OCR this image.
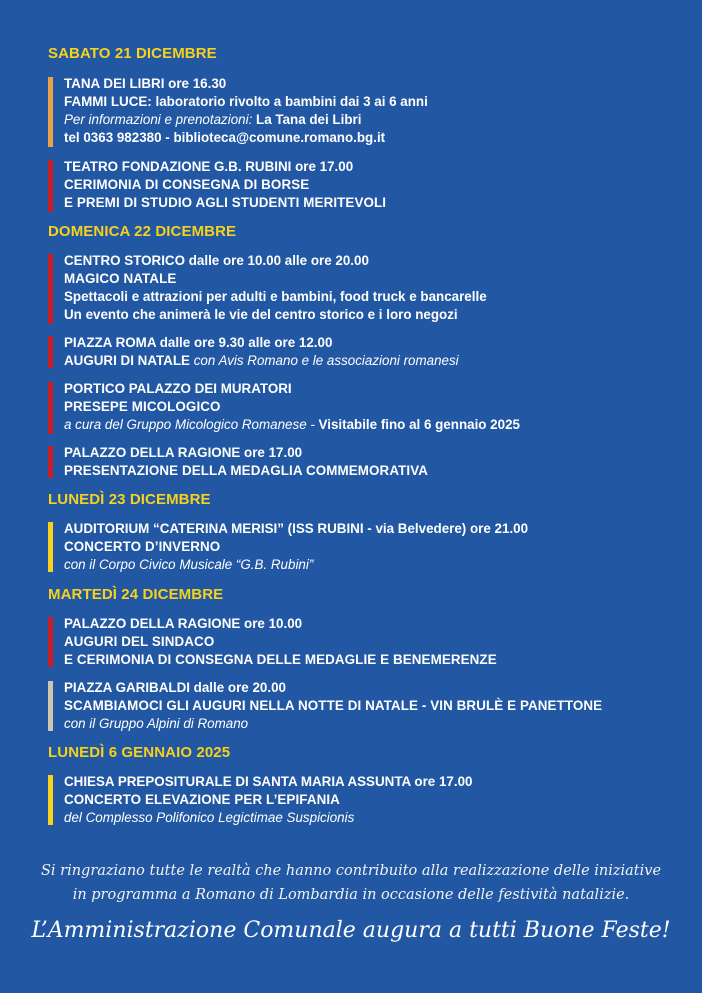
SABATO 21 DICEMBRE
TANA DEI LIBRI ore 16.30
FAMMI LUCE: laboratorio rivolto a bambini dai 3 ai 6 anni
Per informazioni e prenotazioni: La Tana dei Libri
tel 0363 982380 - biblioteca@comune.romano.bg.it
TEATRO FONDAZIONE G.B. RUBINI ore 17.00
CERIMONIA DI CONSEGNA DI BORSE
E PREMI DI STUDIO AGLI STUDENTI MERITEVOLI
DOMENICA 22 DICEMBRE
CENTRO STORICO dalle ore 10.00 alle ore 20.00
MAGICO NATALE
Spettacoli e attrazioni per adulti e bambini, food truck e bancarelle
Un evento che animerà le vie del centro storico e i loro negozi
PIAZZA ROMA dalle ore 9.30 alle ore 12.00
AUGURI DI NATALE con Avis Romano e le associazioni romanesi
PORTICO PALAZZO DEI MURATORI
PRESEPE MICOLOGICO
a cura del Gruppo Micologico Romanese - Visitabile fino al 6 gennaio 2025
PALAZZO DELLA RAGIONE ore 17.00
PRESENTAZIONE DELLA MEDAGLIA COMMEMORATIVA
LUNEDÌ 23 DICEMBRE
AUDITORIUM “CATERINA MERISI” (ISS RUBINI - via Belvedere) ore 21.00
CONCERTO D’INVERNO
con il Corpo Civico Musicale “G.B. Rubini”
MARTEDÌ 24 DICEMBRE
PALAZZO DELLA RAGIONE ore 10.00
AUGURI DEL SINDACO
E CERIMONIA DI CONSEGNA DELLE MEDAGLIE E BENEMERENZE
PIAZZA GARIBALDI dalle ore 20.00
SCAMBIAMOCI GLI AUGURI NELLA NOTTE DI NATALE - VIN BRULÈ E PANETTONE
con il Gruppo Alpini di Romano
LUNEDÌ 6 GENNAIO 2025
CHIESA PREPOSITURALE DI SANTA MARIA ASSUNTA ore 17.00
CONCERTO ELEVAZIONE PER L’EPIFANIA
del Complesso Polifonico Legictimae Suspicionis
Si ringraziano tutte le realtà che hanno contribuito alla realizzazione delle iniziative
in programma a Romano di Lombardia in occasione delle festività natalizie.
L’Amministrazione Comunale augura a tutti Buone Feste!
